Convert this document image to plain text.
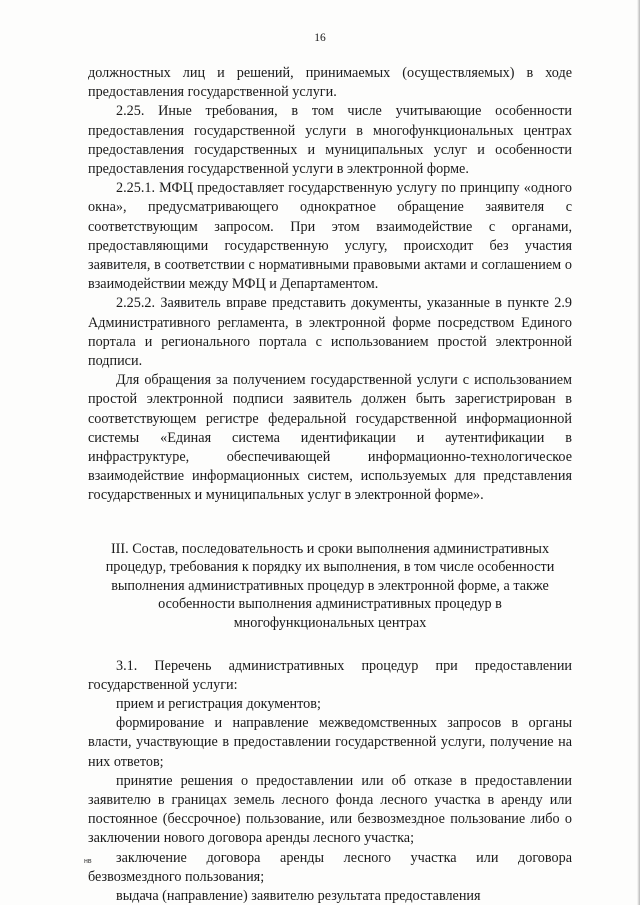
16

должностных лиц и решений, принимаемых (осуществляемых) в ходе предоставления государственной услуги.

2.25. Иные требования, в том числе учитывающие особенности предоставления государственной услуги в многофункциональных центрах предоставления государственных и муниципальных услуг и особенности предоставления государственной услуги в электронной форме.

2.25.1. МФЦ предоставляет государственную услугу по принципу «одного окна», предусматривающего однократное обращение заявителя с соответствующим запросом. При этом взаимодействие с органами, предоставляющими государственную услугу, происходит без участия заявителя, в соответствии с нормативными правовыми актами и соглашением о взаимодействии между МФЦ и Департаментом.

2.25.2. Заявитель вправе представить документы, указанные в пункте 2.9 Административного регламента, в электронной форме посредством Единого портала и регионального портала с использованием простой электронной подписи.

Для обращения за получением государственной услуги с использованием простой электронной подписи заявитель должен быть зарегистрирован в соответствующем регистре федеральной государственной информационной системы «Единая система идентификации и аутентификации в инфраструктуре, обеспечивающей информационно-технологическое взаимодействие информационных систем, используемых для представления государственных и муниципальных услуг в электронной форме».

III. Состав, последовательность и сроки выполнения административных процедур, требования к порядку их выполнения, в том числе особенности выполнения административных процедур в электронной форме, а также особенности выполнения административных процедур в многофункциональных центрах

3.1. Перечень административных процедур при предоставлении государственной услуги:

прием и регистрация документов;

формирование и направление межведомственных запросов в органы власти, участвующие в предоставлении государственной услуги, получение на них ответов;

принятие решения о предоставлении или об отказе в предоставлении заявителю в границах земель лесного фонда лесного участка в аренду или постоянное (бессрочное) пользование, или безвозмездное пользование либо о заключении нового договора аренды лесного участка;

заключение договора аренды лесного участка или договора безвозмездного пользования;

выдача (направление) заявителю результата предоставления

нв
